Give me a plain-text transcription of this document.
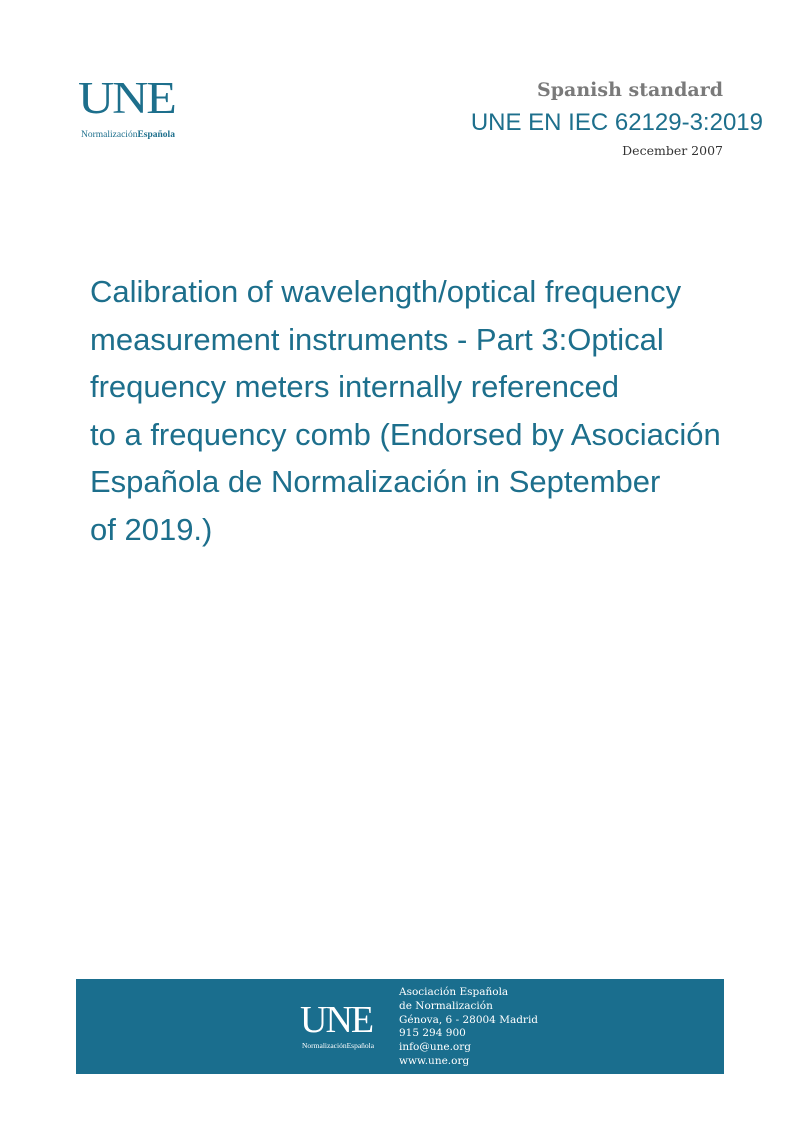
UNE
NormalizaciónEspañola
Spanish standard
UNE EN IEC 62129-3:2019
December 2007
Calibration of wavelength/optical frequency
measurement instruments - Part 3:Optical
frequency meters internally referenced
to a frequency comb (Endorsed by Asociación
Española de Normalización in September
of 2019.)
UNE
NormalizaciónEspañola
Asociación Española
de Normalización
Génova, 6 - 28004 Madrid
915 294 900
info@une.org
www.une.org
